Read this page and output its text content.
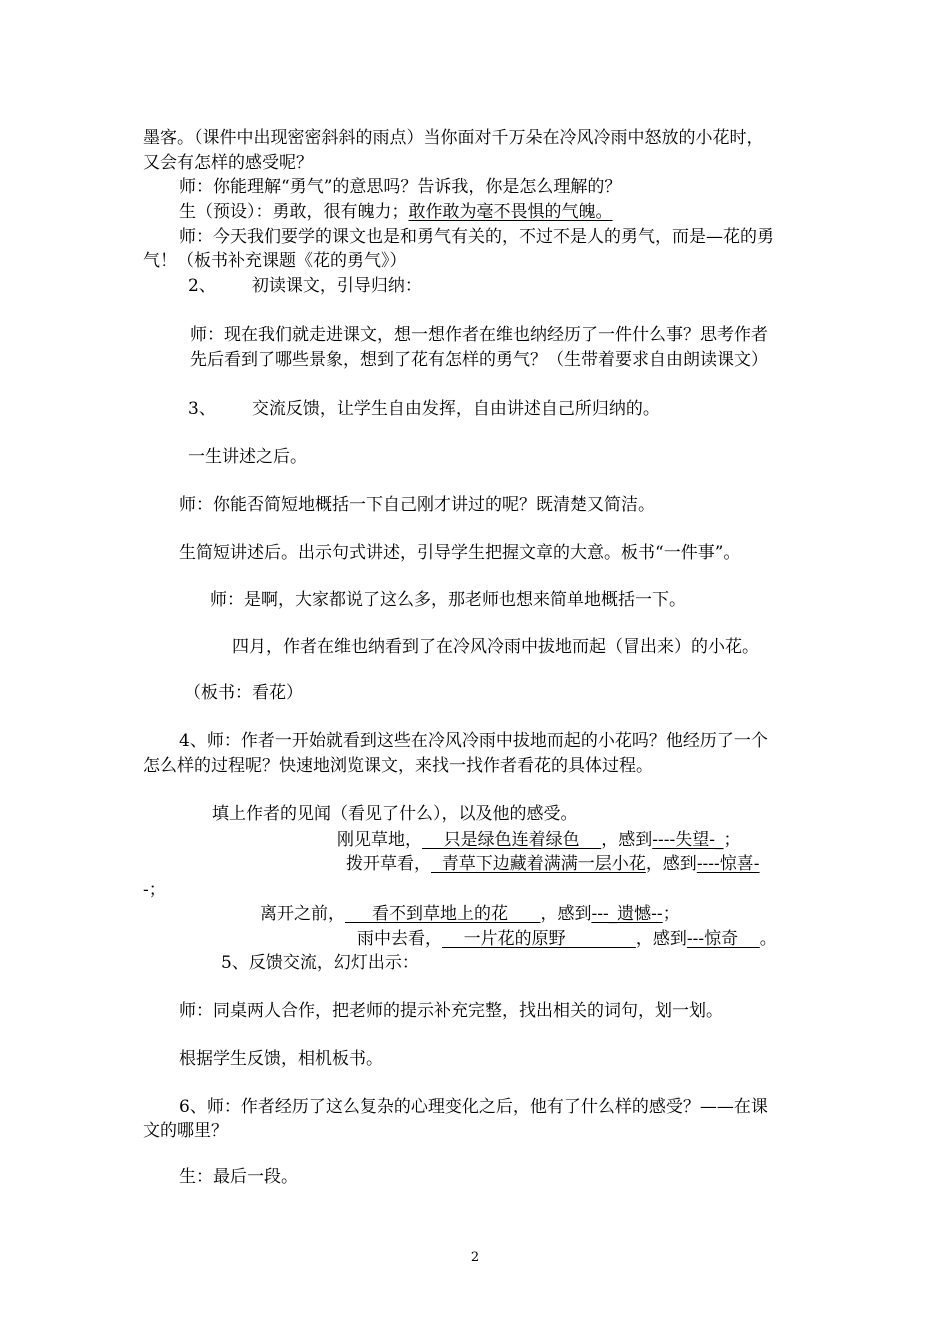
墨客。（课件中出现密密斜斜的雨点）当你面对千万朵在冷风冷雨中怒放的小花时，
又会有怎样的感受呢？
师：你能理解“勇气”的意思吗？告诉我，你是怎么理解的？
生（预设）：勇敢，很有魄力；敢作敢为毫不畏惧的气魄。
师：今天我们要学的课文也是和勇气有关的，不过不是人的勇气，而是—花的勇
气！（板书补充课题《花的勇气》）
2、 初读课文，引导归纳：
师：现在我们就走进课文，想一想作者在维也纳经历了一件什么事？思考作者
先后看到了哪些景象，想到了花有怎样的勇气？（生带着要求自由朗读课文）
3、 交流反馈，让学生自由发挥，自由讲述自己所归纳的。
一生讲述之后。
师：你能否简短地概括一下自己刚才讲过的呢？既清楚又简洁。
生简短讲述后。出示句式讲述，引导学生把握文章的大意。板书“一件事”。
师：是啊，大家都说了这么多，那老师也想来简单地概括一下。
四月，作者在维也纳看到了在冷风冷雨中拔地而起（冒出来）的小花。
（板书：看花）
4、师：作者一开始就看到这些在冷风冷雨中拔地而起的小花吗？他经历了一个
怎么样的过程呢？快速地浏览课文，来找一找作者看花的具体过程。
填上作者的见闻（看见了什么），以及他的感受。
刚见草地，    只是绿色连着绿色    ，感到----失望-_；
拨开草看，  青草下边藏着满满一层小花，感到----惊喜-
-；
离开之前，     看不到草地上的花      ，感到---_遗憾--；
雨中去看，    一片花的原野             ，感到---惊奇    。
5、反馈交流，幻灯出示：
师：同桌两人合作，把老师的提示补充完整，找出相关的词句，划一划。
根据学生反馈，相机板书。
6、师：作者经历了这么复杂的心理变化之后，他有了什么样的感受？——在课
文的哪里？
生：最后一段。
2
